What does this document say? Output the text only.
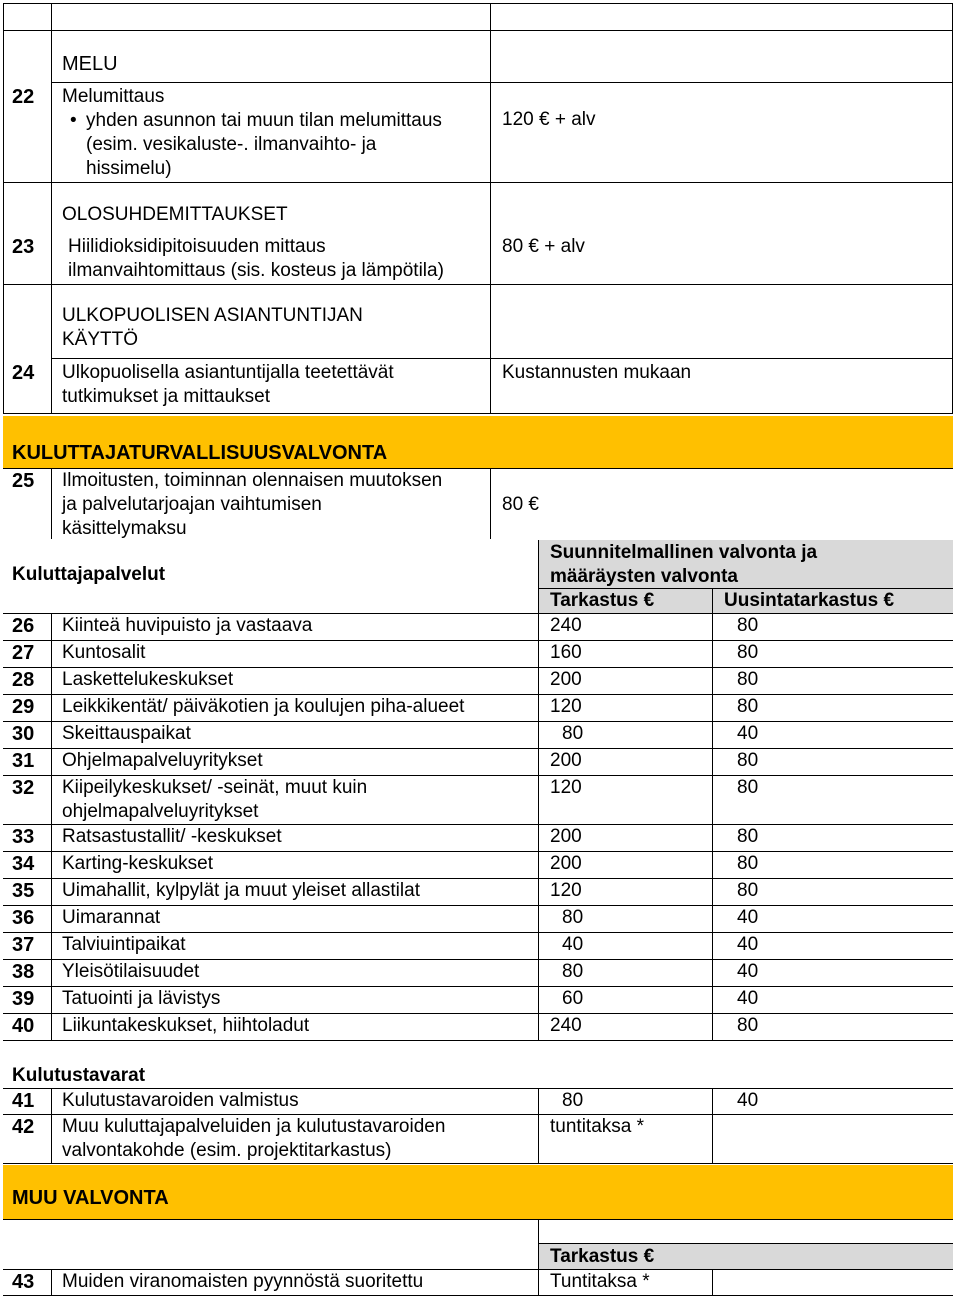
MELU
22 Melumittaus
• yhden asunnon tai muun tilan melumittaus
(esim. vesikaluste-. ilmanvaihto- ja
hissimelu)
120 € + alv
OLOSUHDEMITTAUKSET
23 Hiilidioksidipitoisuuden mittaus
ilmanvaihtomittaus (sis. kosteus ja lämpötila)
80 € + alv
ULKOPUOLISEN ASIANTUNTIJAN
KÄYTTÖ
24 Ulkopuolisella asiantuntijalla teetettävät
tutkimukset ja mittaukset
Kustannusten mukaan
KULUTTAJATURVALLISUUSVALVONTA
25 Ilmoitusten, toiminnan olennaisen muutoksen
ja palvelutarjoajan vaihtumisen
käsittelymaksu
80 €
Kuluttajapalvelut
Suunnitelmallinen valvonta ja
määräysten valvonta
Tarkastus €	Uusintatarkastus €
26 Kiinteä huvipuisto ja vastaava	240	80
27 Kuntosalit	160	80
28 Laskettelukeskukset	200	80
29 Leikkikentät/ päiväkotien ja koulujen piha-alueet	120	80
30 Skeittauspaikat	80	40
31 Ohjelmapalveluyritykset	200	80
32 Kiipeilykeskukset/ -seinät, muut kuin
ohjelmapalveluyritykset
120	80
33 Ratsastustallit/ -keskukset	200	80
34 Karting-keskukset	200	80
35 Uimahallit, kylpylät ja muut yleiset allastilat	120	80
36 Uimarannat	80	40
37 Talviuintipaikat	40	40
38 Yleisötilaisuudet	80	40
39 Tatuointi ja lävistys	60	40
40 Liikuntakeskukset, hiihtoladut	240	80
Kulutustavarat
41 Kulutustavaroiden valmistus	80	40
42 Muu kuluttajapalveluiden ja kulutustavaroiden
valvontakohde (esim. projektitarkastus)
tuntitaksa *
MUU VALVONTA
Tarkastus €
43 Muiden viranomaisten pyynnöstä suoritettu	Tuntitaksa *
